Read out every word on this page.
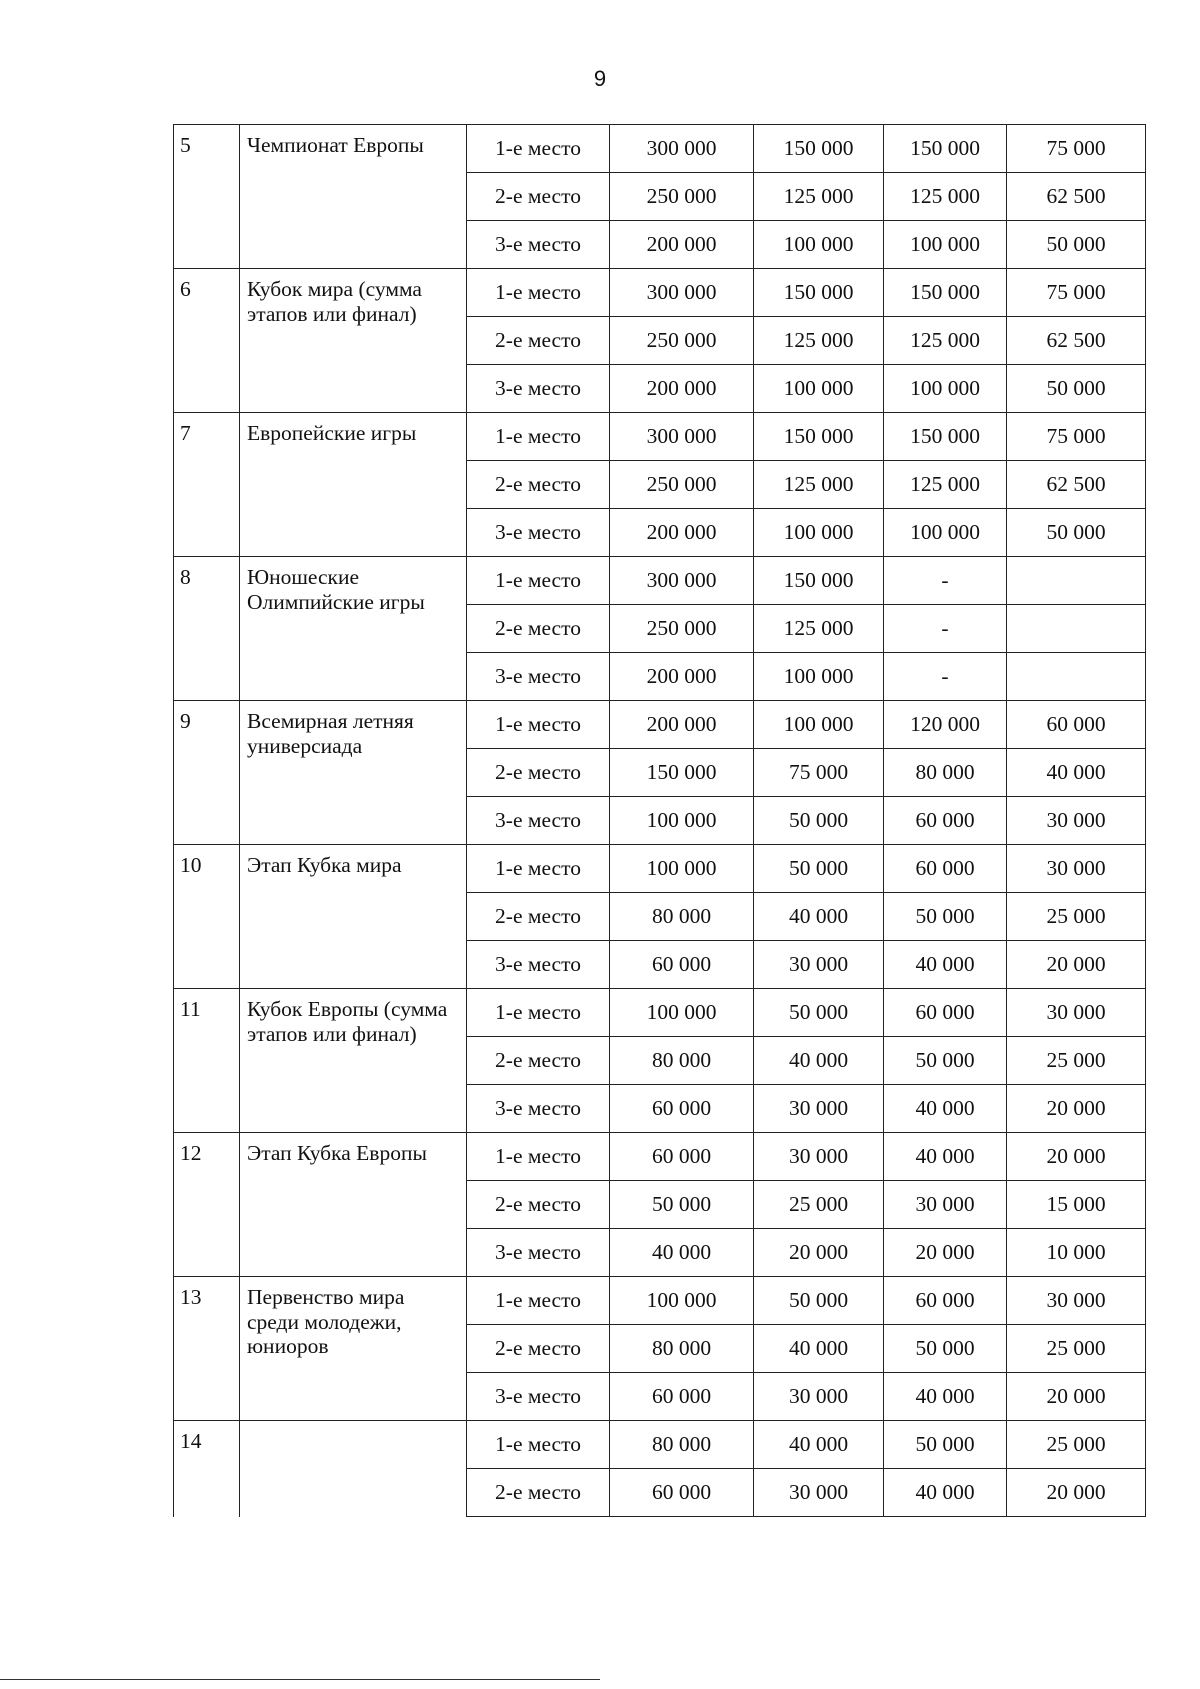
9
5	Чемпионат Европы	1-е место	300 000	150 000	150 000	75 000
		2-е место	250 000	125 000	125 000	62 500
		3-е место	200 000	100 000	100 000	50 000
6	Кубок мира (сумма этапов или финал)	1-е место	300 000	150 000	150 000	75 000
		2-е место	250 000	125 000	125 000	62 500
		3-е место	200 000	100 000	100 000	50 000
7	Европейские игры	1-е место	300 000	150 000	150 000	75 000
		2-е место	250 000	125 000	125 000	62 500
		3-е место	200 000	100 000	100 000	50 000
8	Юношеские Олимпийские игры	1-е место	300 000	150 000	-	
		2-е место	250 000	125 000	-	
		3-е место	200 000	100 000	-	
9	Всемирная летняя универсиада	1-е место	200 000	100 000	120 000	60 000
		2-е место	150 000	75 000	80 000	40 000
		3-е место	100 000	50 000	60 000	30 000
10	Этап Кубка мира	1-е место	100 000	50 000	60 000	30 000
		2-е место	80 000	40 000	50 000	25 000
		3-е место	60 000	30 000	40 000	20 000
11	Кубок Европы (сумма этапов или финал)	1-е место	100 000	50 000	60 000	30 000
		2-е место	80 000	40 000	50 000	25 000
		3-е место	60 000	30 000	40 000	20 000
12	Этап Кубка Европы	1-е место	60 000	30 000	40 000	20 000
		2-е место	50 000	25 000	30 000	15 000
		3-е место	40 000	20 000	20 000	10 000
13	Первенство мира среди молодежи, юниоров	1-е место	100 000	50 000	60 000	30 000
		2-е место	80 000	40 000	50 000	25 000
		3-е место	60 000	30 000	40 000	20 000
14		1-е место	80 000	40 000	50 000	25 000
		2-е место	60 000	30 000	40 000	20 000
